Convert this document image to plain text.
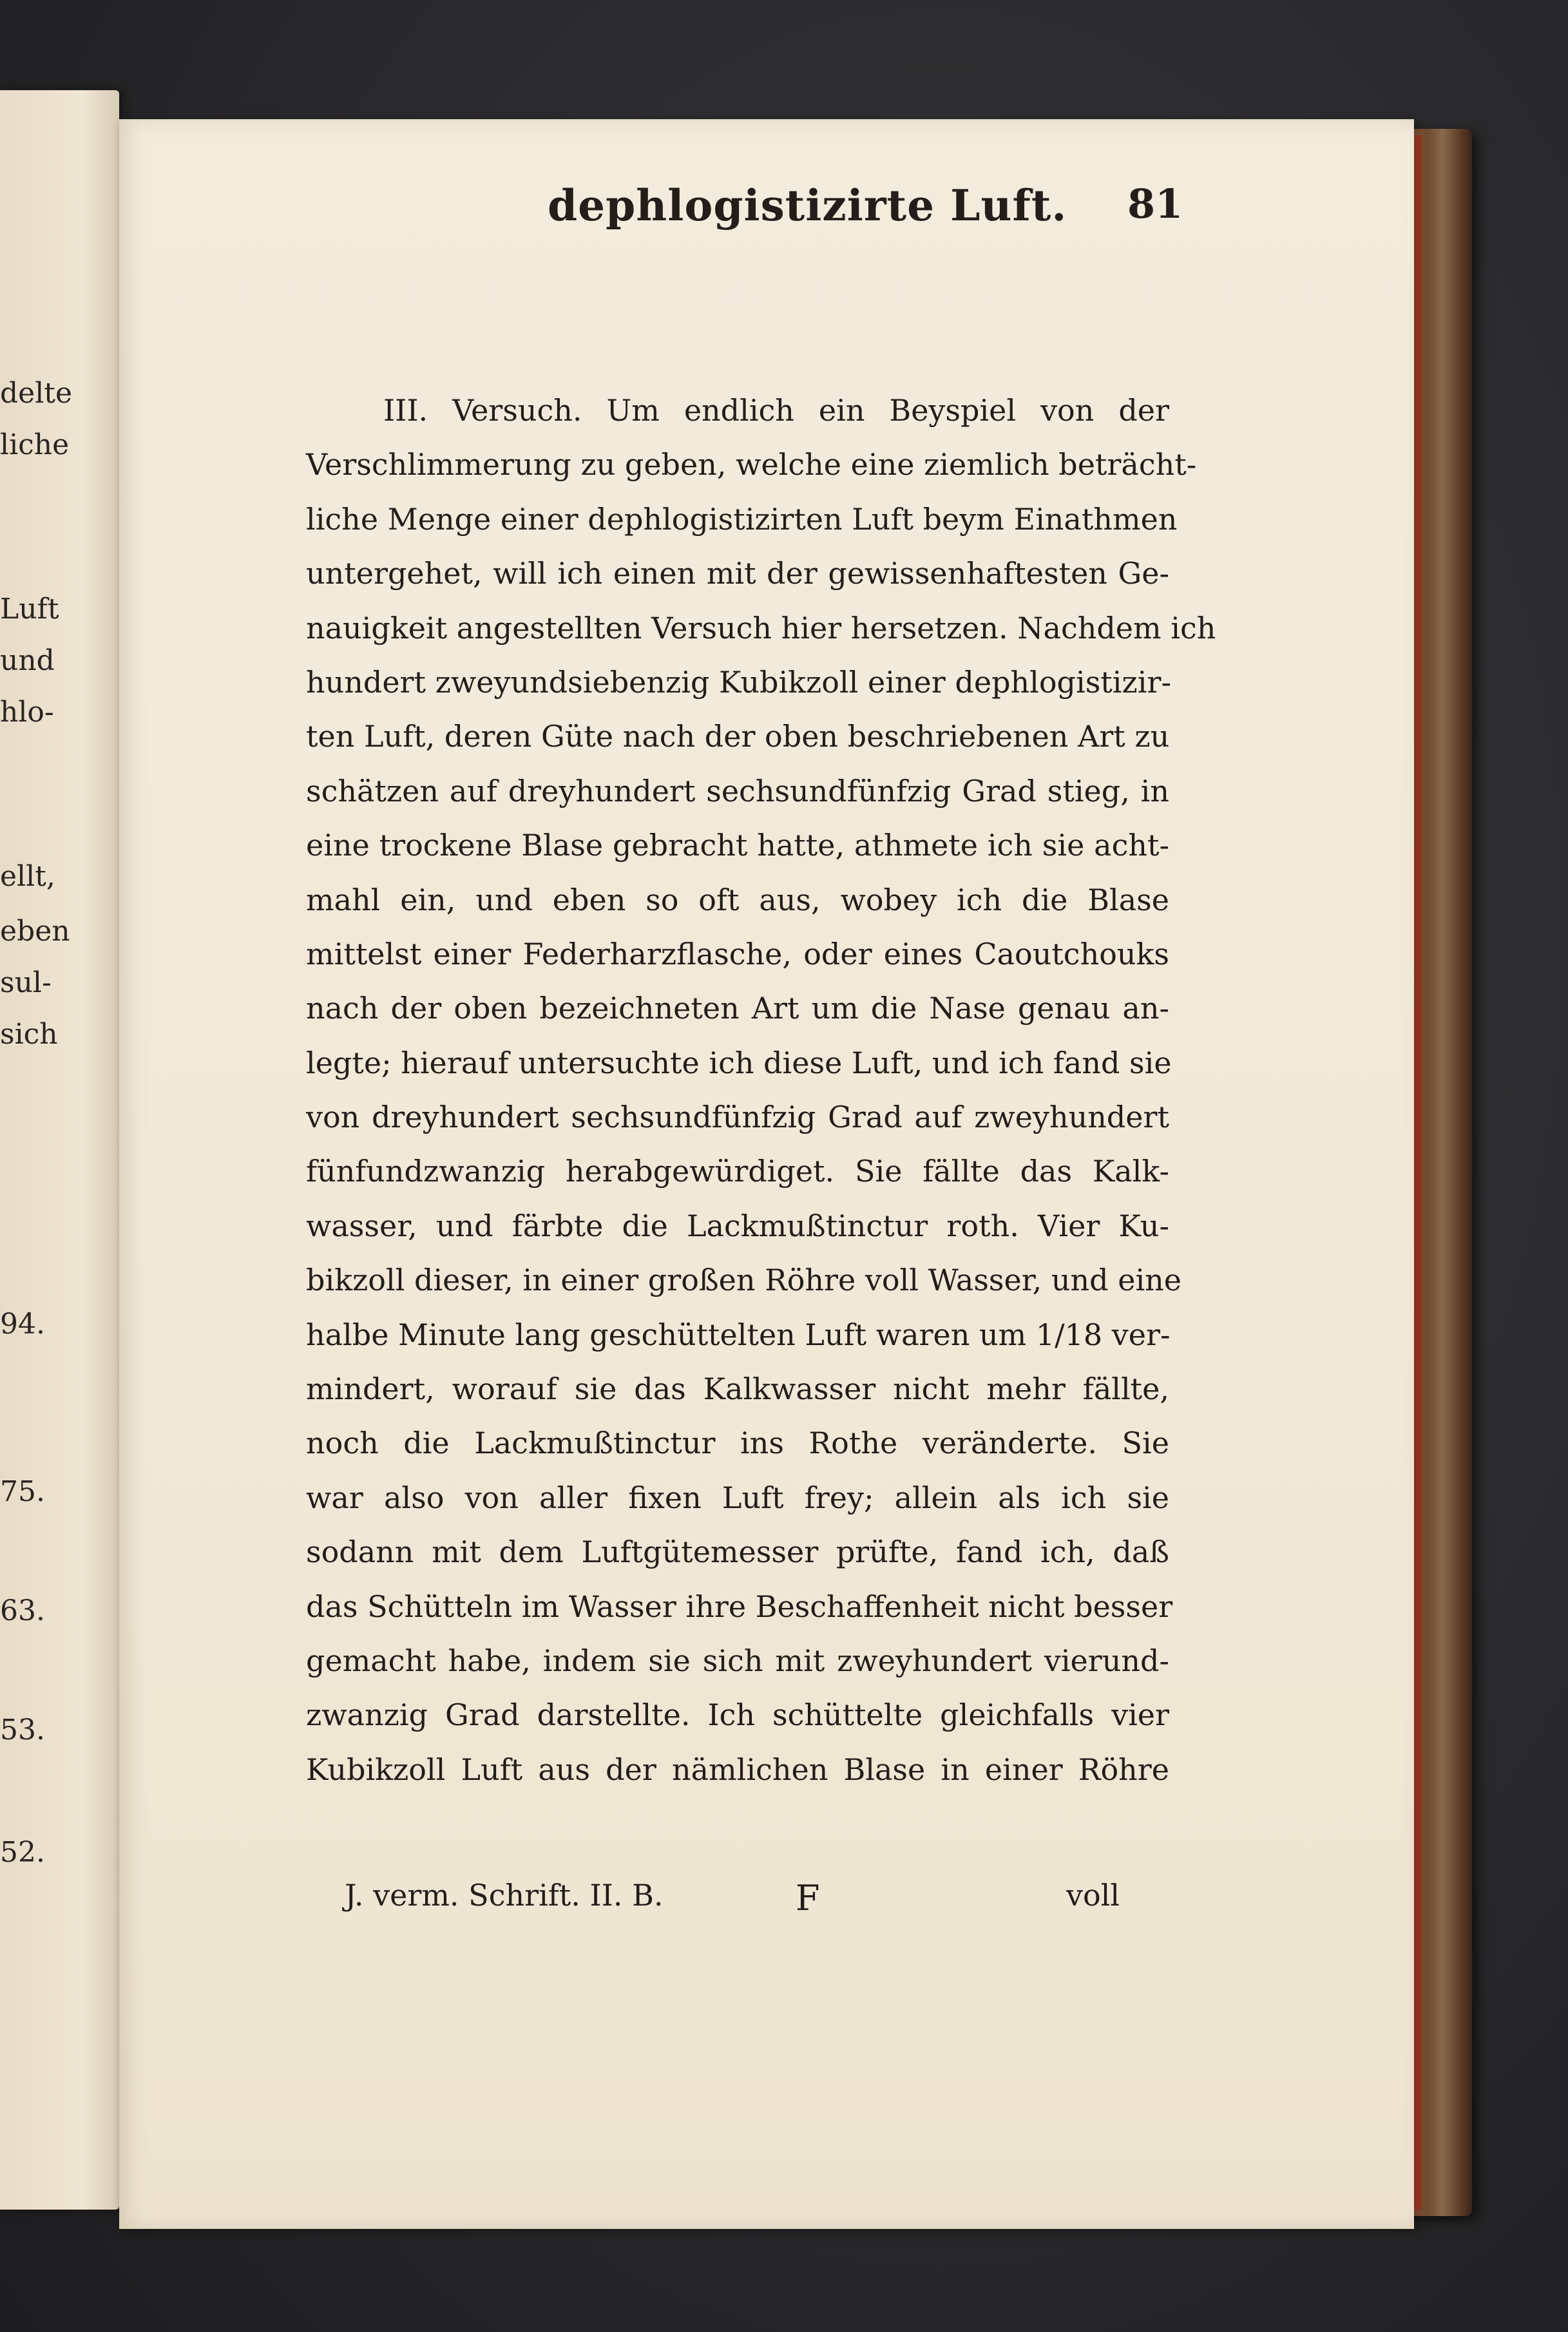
delte
liche
Luft
und
hlo-
ellt,
eben
sul-
sich
94.
75.
63.
53.
52.
dephlogistizirte Luft. 81
III. Versuch. Um endlich ein Beyspiel von der
Verschlimmerung zu geben, welche eine ziemlich beträcht-
liche Menge einer dephlogistizirten Luft beym Einathmen
untergehet, will ich einen mit der gewissenhaftesten Ge-
nauigkeit angestellten Versuch hier hersetzen. Nachdem ich
hundert zweyundsiebenzig Kubikzoll einer dephlogistizir-
ten Luft, deren Güte nach der oben beschriebenen Art zu
schätzen auf dreyhundert sechsundfünfzig Grad stieg, in
eine trockene Blase gebracht hatte, athmete ich sie acht-
mahl ein, und eben so oft aus, wobey ich die Blase
mittelst einer Federharzflasche, oder eines Caoutchouks
nach der oben bezeichneten Art um die Nase genau an-
legte; hierauf untersuchte ich diese Luft, und ich fand sie
von dreyhundert sechsundfünfzig Grad auf zweyhundert
fünfundzwanzig herabgewürdiget. Sie fällte das Kalk-
wasser, und färbte die Lackmußtinctur roth. Vier Ku-
bikzoll dieser, in einer großen Röhre voll Wasser, und eine
halbe Minute lang geschüttelten Luft waren um 1/18 ver-
mindert, worauf sie das Kalkwasser nicht mehr fällte,
noch die Lackmußtinctur ins Rothe veränderte. Sie
war also von aller fixen Luft frey; allein als ich sie
sodann mit dem Luftgütemesser prüfte, fand ich, daß
das Schütteln im Wasser ihre Beschaffenheit nicht besser
gemacht habe, indem sie sich mit zweyhundert vierund-
zwanzig Grad darstellte. Ich schüttelte gleichfalls vier
Kubikzoll Luft aus der nämlichen Blase in einer Röhre
J. verm. Schrift. II. B.	F	voll
